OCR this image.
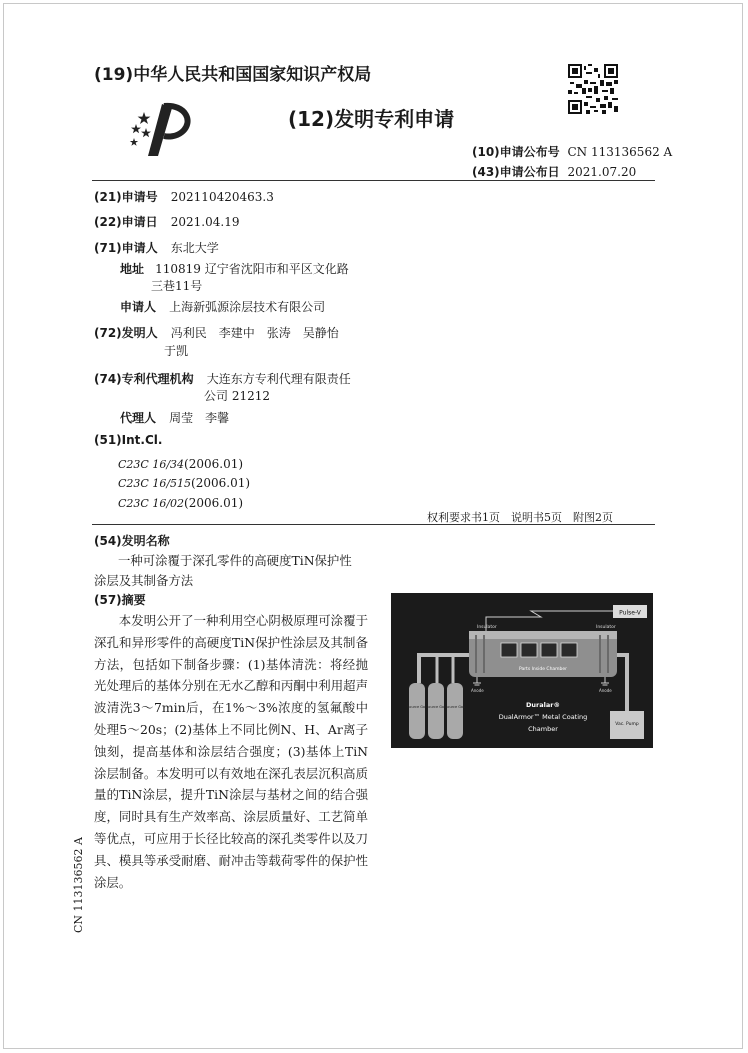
(19)中华人民共和国国家知识产权局
(12)发明专利申请
(10)申请公布号 CN 113136562 A
(43)申请公布日 2021.07.20
(21)申请号 202110420463.3
(22)申请日 2021.04.19
(71)申请人 东北大学
地址 110819 辽宁省沈阳市和平区文化路
三巷11号
申请人 上海新弧源涂层技术有限公司
(72)发明人 冯利民　李建中　张涛　吴静怡
于凯
(74)专利代理机构 大连东方专利代理有限责任
公司 21212
代理人 周莹　李馨
(51)Int.Cl.
C23C 16/34(2006.01)
C23C 16/515(2006.01)
C23C 16/02(2006.01)
权利要求书1页　说明书5页　附图2页
(54)发明名称
一种可涂覆于深孔零件的高硬度TiN保护性
涂层及其制备方法
(57)摘要
本发明公开了一种利用空心阴极原理可涂覆于深孔和异形零件的高硬度TiN保护性涂层及其制备方法，包括如下制备步骤：(1)基体清洗：将经抛光处理后的基体分别在无水乙醇和丙酮中利用超声波清洗3～7min后，在1%～3%浓度的氢氟酸中处理5～20s；(2)基体上不同比例N、H、Ar离子蚀刻，提高基体和涂层结合强度；(3)基体上TiN涂层制备。本发明可以有效地在深孔表层沉积高质量的TiN涂层，提升TiN涂层与基材之间的结合强度，同时具有生产效率高、涂层质量好、工艺简单等优点，可应用于长径比较高的深孔类零件以及刀具、模具等承受耐磨、耐冲击等载荷零件的保护性涂层。
CN 113136562 A
Pulse-V
Insulator	Insulator
Parts Inside Chamber
Anode	Anode
Source Gas Source Gas Source Gas
Vac. Pump
Duralar®
DualArmor™ Metal Coating
Chamber
